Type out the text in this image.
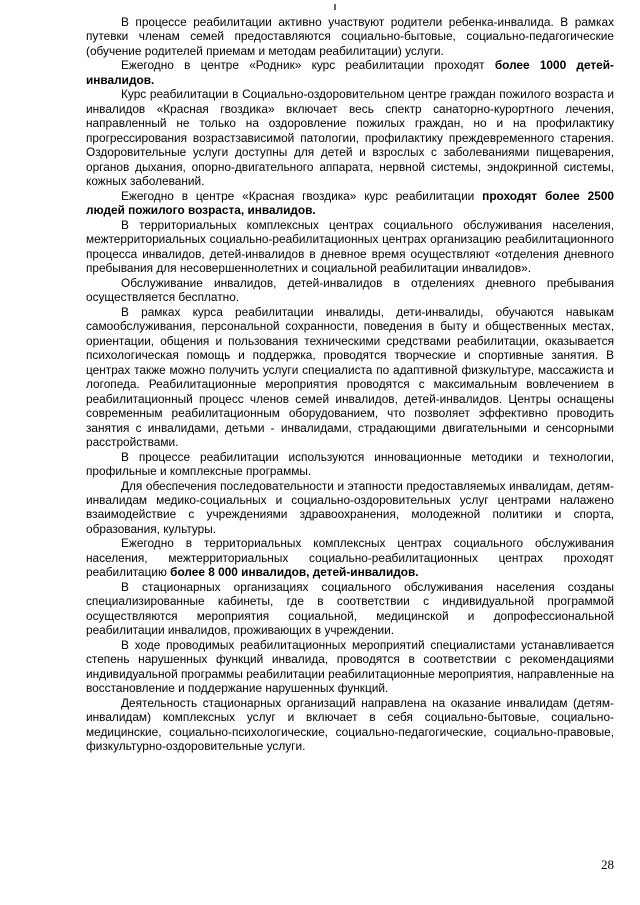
В процессе реабилитации активно участвуют родители ребенка-инвалида. В рамках путевки членам семей предоставляются социально-бытовые, социально-педагогические (обучение родителей приемам и методам реабилитации) услуги.

Ежегодно в центре «Родник» курс реабилитации проходят более 1000 детей-инвалидов.

Курс реабилитации в Социально-оздоровительном центре граждан пожилого возраста и инвалидов «Красная гвоздика» включает весь спектр санаторно-курортного лечения, направленный не только на оздоровление пожилых граждан, но и на профилактику прогрессирования возрастзависимой патологии, профилактику преждевременного старения. Оздоровительные услуги доступны для детей и взрослых с заболеваниями пищеварения, органов дыхания, опорно-двигательного аппарата, нервной системы, эндокринной системы, кожных заболеваний.

Ежегодно в центре «Красная гвоздика» курс реабилитации проходят более 2500 людей пожилого возраста, инвалидов.

В территориальных комплексных центрах социального обслуживания населения, межтерриториальных социально-реабилитационных центрах организацию реабилитационного процесса инвалидов, детей-инвалидов в дневное время осуществляют «отделения дневного пребывания для несовершеннолетних и социальной реабилитации инвалидов».

Обслуживание инвалидов, детей-инвалидов в отделениях дневного пребывания осуществляется бесплатно.

В рамках курса реабилитации инвалиды, дети-инвалиды, обучаются навыкам самообслуживания, персональной сохранности, поведения в быту и общественных местах, ориентации, общения и пользования техническими средствами реабилитации, оказывается психологическая помощь и поддержка, проводятся творческие и спортивные занятия. В центрах также можно получить услуги специалиста по адаптивной физкультуре, массажиста и логопеда. Реабилитационные мероприятия проводятся с максимальным вовлечением в реабилитационный процесс членов семей инвалидов, детей-инвалидов. Центры оснащены современным реабилитационным оборудованием, что позволяет эффективно проводить занятия с инвалидами, детьми - инвалидами, страдающими двигательными и сенсорными расстройствами.

В процессе реабилитации используются инновационные методики и технологии, профильные и комплексные программы.

Для обеспечения последовательности и этапности предоставляемых инвалидам, детям-инвалидам медико-социальных и социально-оздоровительных услуг центрами налажено взаимодействие с учреждениями здравоохранения, молодежной политики и спорта, образования, культуры.

Ежегодно в территориальных комплексных центрах социального обслуживания населения, межтерриториальных социально-реабилитационных центрах проходят реабилитацию более 8 000 инвалидов, детей-инвалидов.

В стационарных организациях социального обслуживания населения созданы специализированные кабинеты, где в соответствии с индивидуальной программой осуществляются мероприятия социальной, медицинской и допрофессиональной реабилитации инвалидов, проживающих в учреждении.

В ходе проводимых реабилитационных мероприятий специалистами устанавливается степень нарушенных функций инвалида, проводятся в соответствии с рекомендациями индивидуальной программы реабилитации реабилитационные мероприятия, направленные на восстановление и поддержание нарушенных функций.

Деятельность стационарных организаций направлена на оказание инвалидам (детям-инвалидам) комплексных услуг и включает в себя социально-бытовые, социально-медицинские, социально-психологические, социально-педагогические, социально-правовые, физкультурно-оздоровительные услуги.

28
